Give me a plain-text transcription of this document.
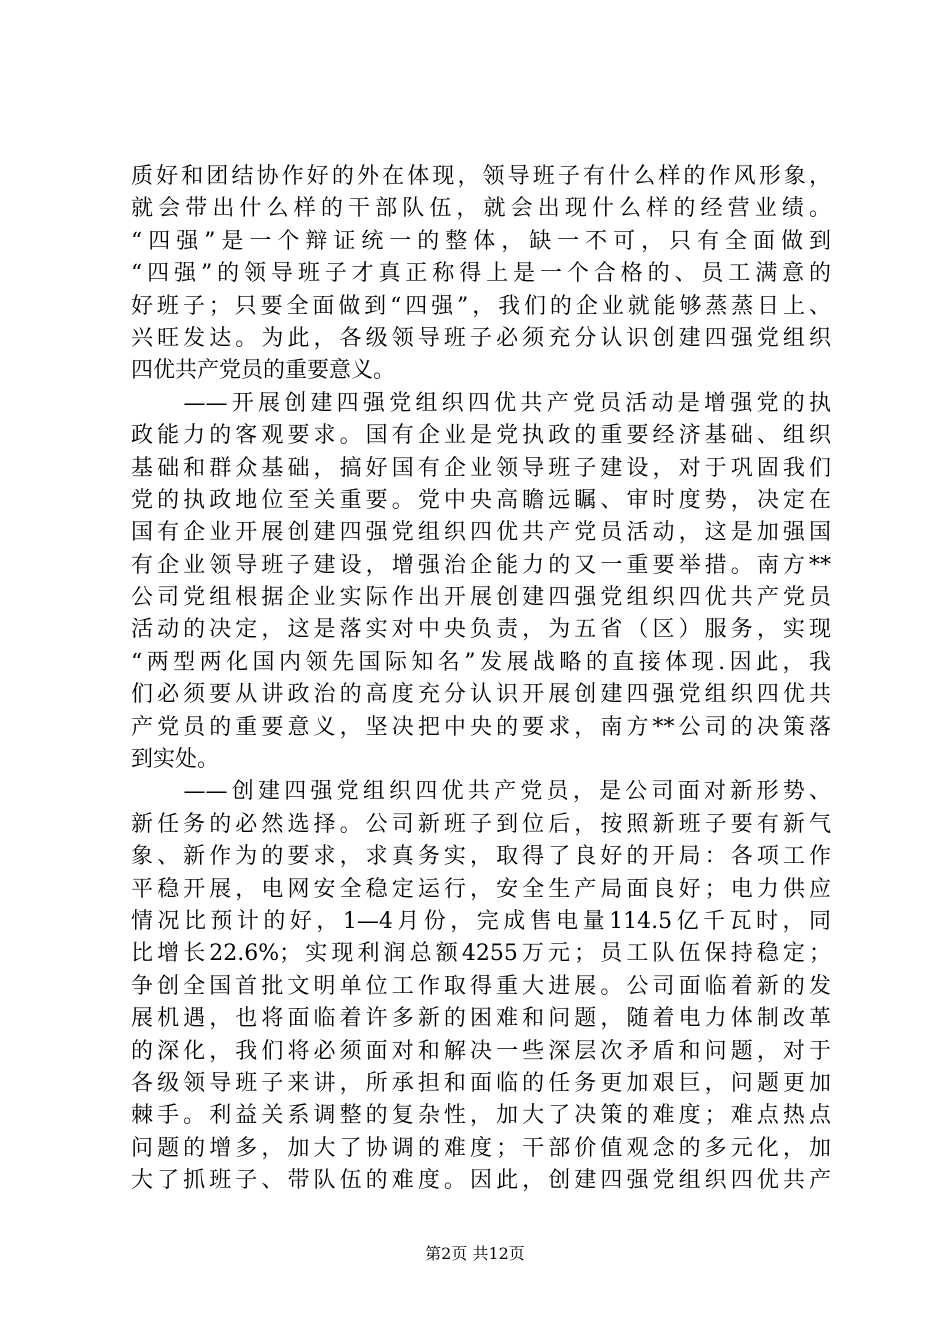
质好和团结协作好的外在体现，领导班子有什么样的作风形象，
就会带出什么样的干部队伍，就会出现什么样的经营业绩。
“四强”是一个辩证统一的整体，缺一不可，只有全面做到
“四强”的领导班子才真正称得上是一个合格的、员工满意的
好班子；只要全面做到“四强”，我们的企业就能够蒸蒸日上、
兴旺发达。为此，各级领导班子必须充分认识创建四强党组织
四优共产党员的重要意义。
　　——开展创建四强党组织四优共产党员活动是增强党的执
政能力的客观要求。国有企业是党执政的重要经济基础、组织
基础和群众基础，搞好国有企业领导班子建设，对于巩固我们
党的执政地位至关重要。党中央高瞻远瞩、审时度势，决定在
国有企业开展创建四强党组织四优共产党员活动，这是加强国
有企业领导班子建设，增强治企能力的又一重要举措。南方**
公司党组根据企业实际作出开展创建四强党组织四优共产党员
活动的决定，这是落实对中央负责，为五省（区）服务，实现
“两型两化国内领先国际知名”发展战略的直接体现.因此，我
们必须要从讲政治的高度充分认识开展创建四强党组织四优共
产党员的重要意义，坚决把中央的要求，南方**公司的决策落
到实处。
　　——创建四强党组织四优共产党员，是公司面对新形势、
新任务的必然选择。公司新班子到位后，按照新班子要有新气
象、新作为的要求，求真务实，取得了良好的开局：各项工作
平稳开展，电网安全稳定运行，安全生产局面良好；电力供应
情况比预计的好，1—4月份，完成售电量114.5亿千瓦时，同
比增长22.6%；实现利润总额4255万元；员工队伍保持稳定；
争创全国首批文明单位工作取得重大进展。公司面临着新的发
展机遇，也将面临着许多新的困难和问题，随着电力体制改革
的深化，我们将必须面对和解决一些深层次矛盾和问题，对于
各级领导班子来讲，所承担和面临的任务更加艰巨，问题更加
棘手。利益关系调整的复杂性，加大了决策的难度；难点热点
问题的增多，加大了协调的难度；干部价值观念的多元化，加
大了抓班子、带队伍的难度。因此，创建四强党组织四优共产
第2页 共12页
